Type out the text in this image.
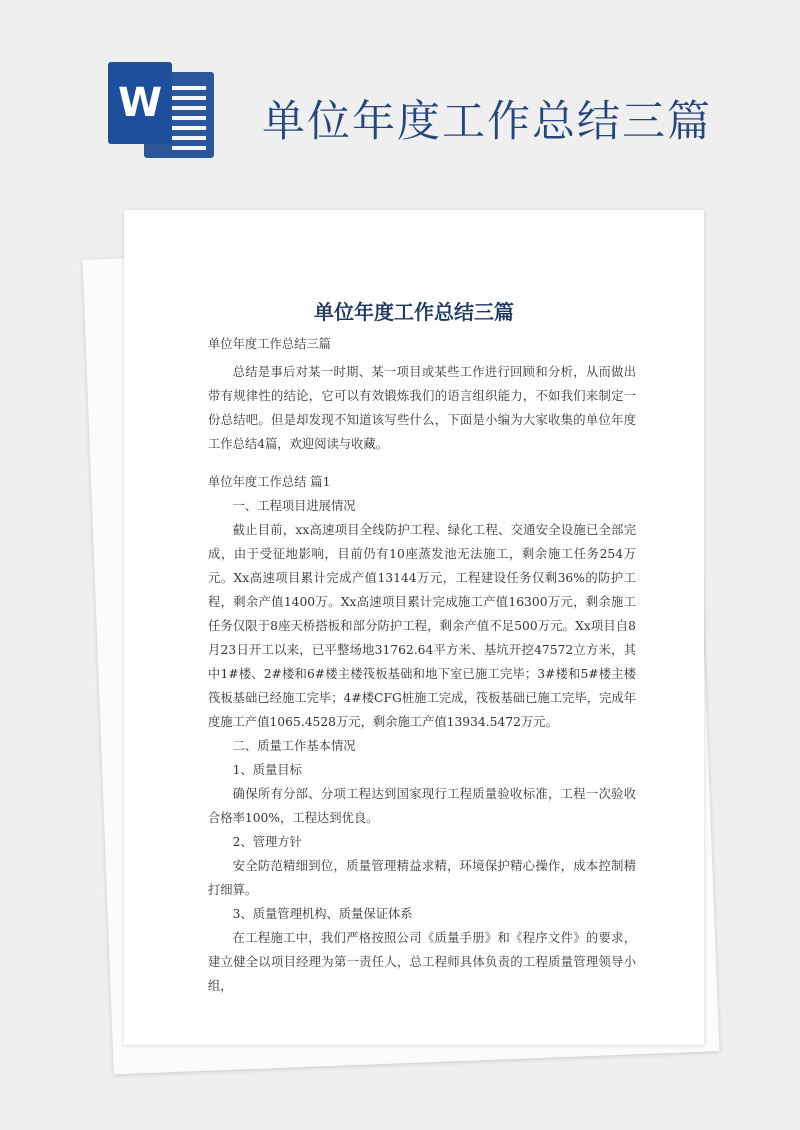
W 单位年度工作总结三篇
单位年度工作总结三篇

单位年度工作总结三篇

总结是事后对某一时期、某一项目或某些工作进行回顾和分析，从而做出带有规律性的结论，它可以有效锻炼我们的语言组织能力，不如我们来制定一份总结吧。但是却发现不知道该写些什么，下面是小编为大家收集的单位年度工作总结4篇，欢迎阅读与收藏。

单位年度工作总结 篇1

一、工程项目进展情况

截止目前，xx高速项目全线防护工程、绿化工程、交通安全设施已全部完成，由于受征地影响，目前仍有10座蒸发池无法施工，剩余施工任务254万元。Xx高速项目累计完成产值13144万元，工程建设任务仅剩36%的防护工程，剩余产值1400万。Xx高速项目累计完成施工产值16300万元，剩余施工任务仅限于8座天桥搭板和部分防护工程，剩余产值不足500万元。Xx项目自8月23日开工以来，已平整场地31762.64平方米、基坑开挖47572立方米，其中1#楼、2#楼和6#楼主楼筏板基础和地下室已施工完毕；3#楼和5#楼主楼筏板基础已经施工完毕；4#楼CFG桩施工完成，筏板基础已施工完毕，完成年度施工产值1065.4528万元，剩余施工产值13934.5472万元。

二、质量工作基本情况

1、质量目标

确保所有分部、分项工程达到国家现行工程质量验收标准，工程一次验收合格率100%，工程达到优良。

2、管理方针

安全防范精细到位，质量管理精益求精，环境保护精心操作，成本控制精打细算。

3、质量管理机构、质量保证体系

在工程施工中，我们严格按照公司《质量手册》和《程序文件》的要求，建立健全以项目经理为第一责任人，总工程师具体负责的工程质量管理领导小组，
